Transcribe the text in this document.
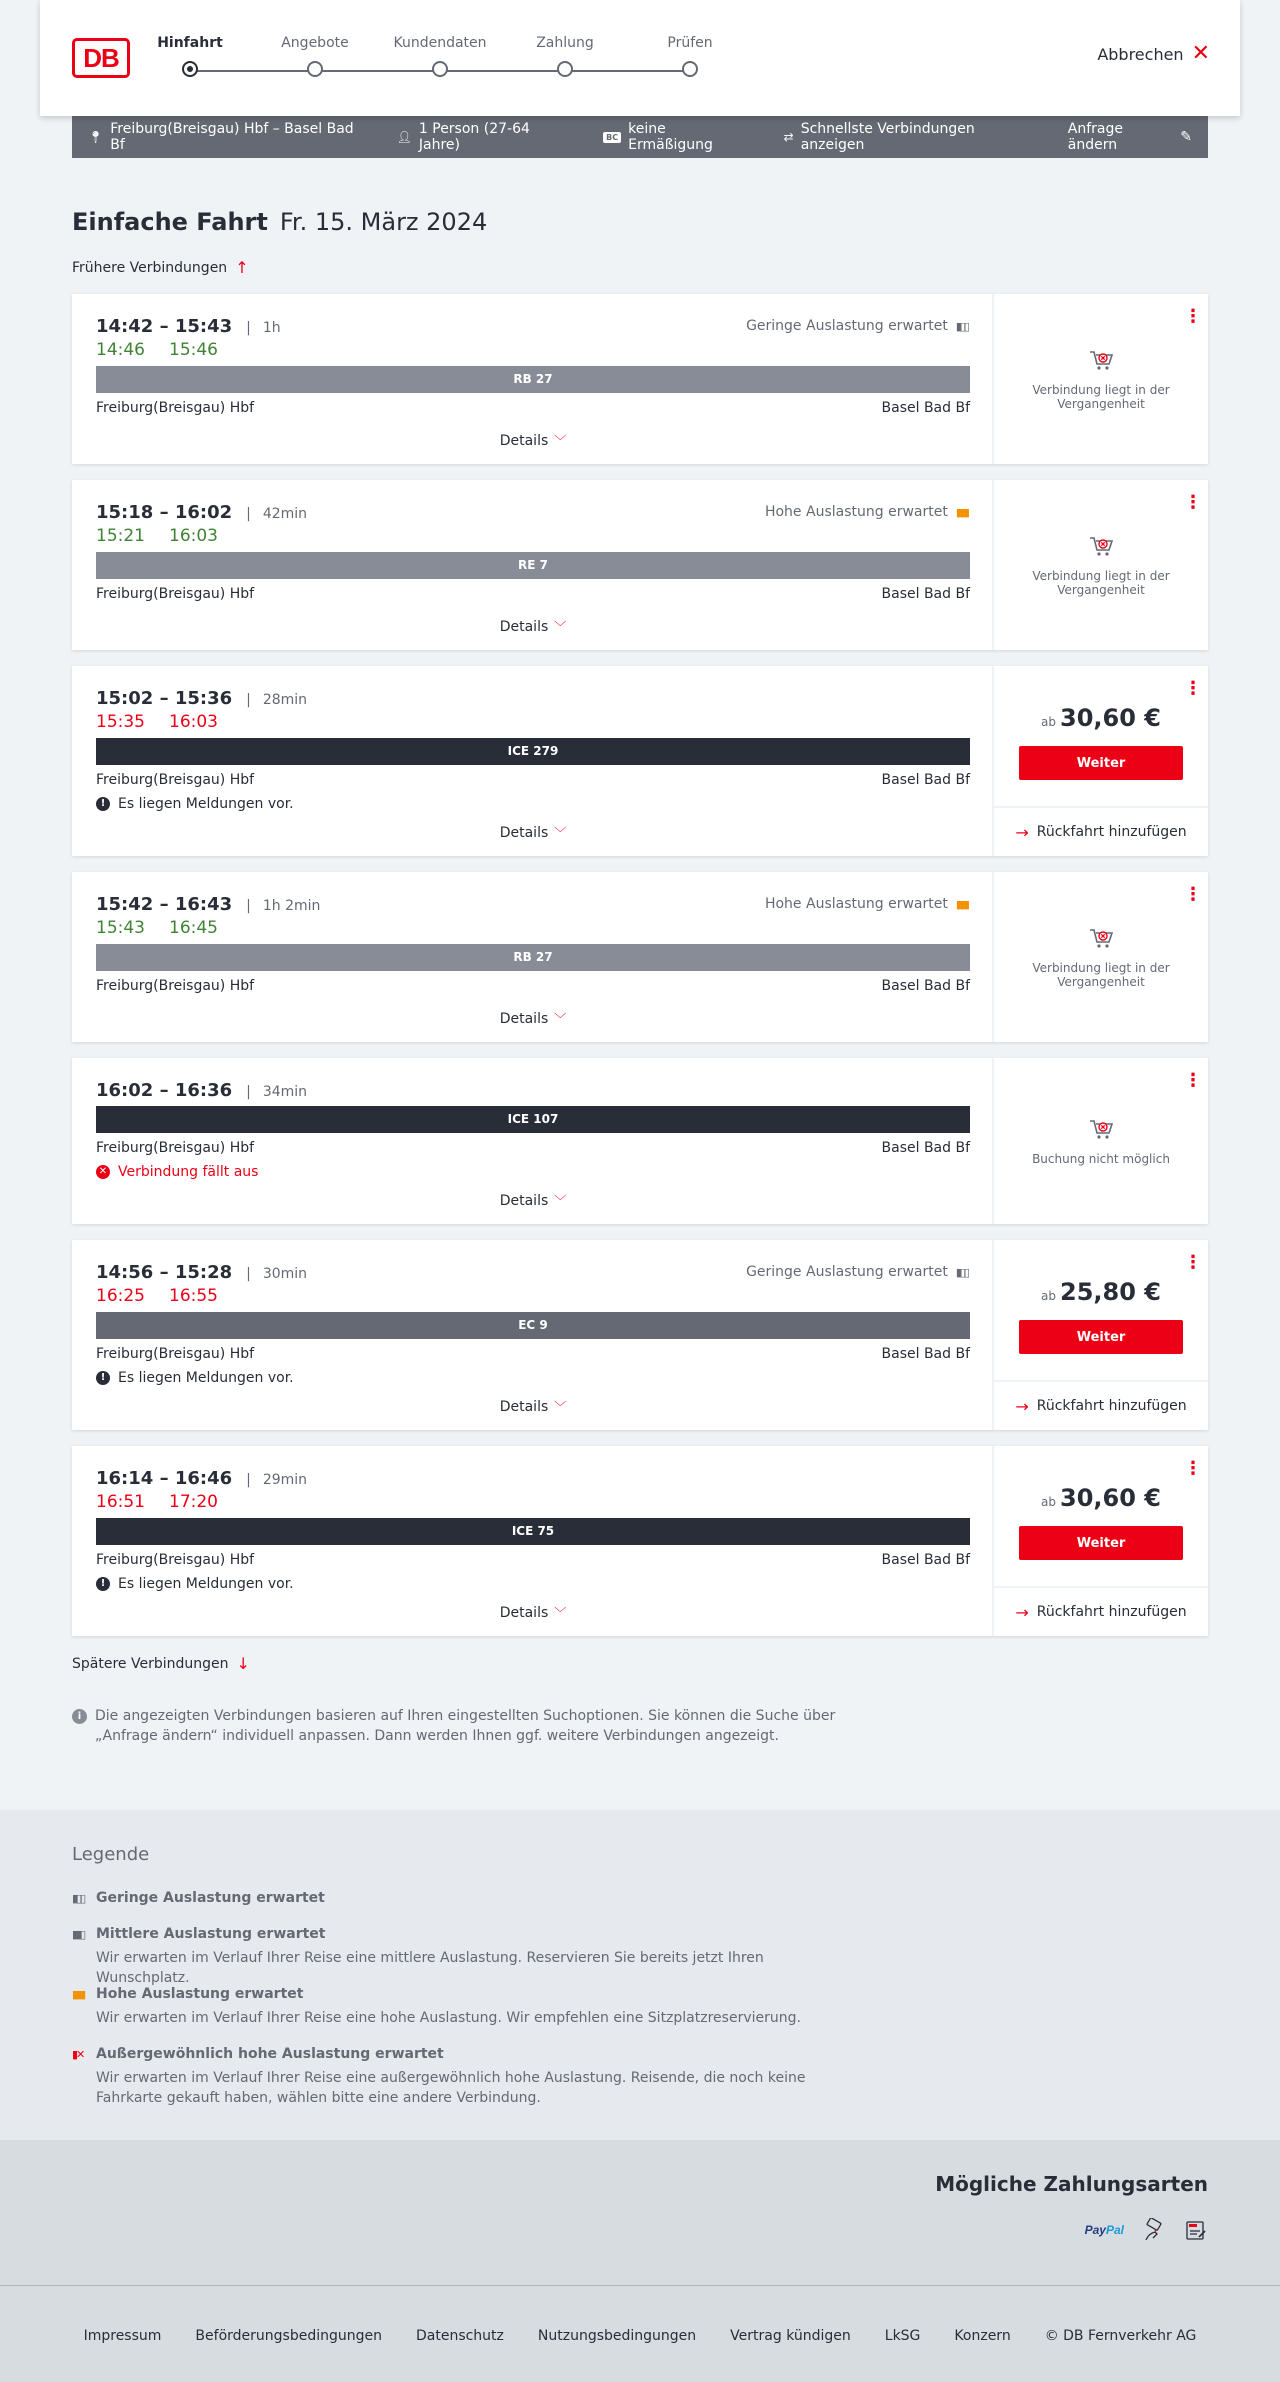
DB	Hinfahrt	Angebote	Kundendaten	Zahlung	Prüfen
Abbrechen ✕
📍︎ Freiburg(Breisgau) Hbf – Basel Bad Bf	👤︎ 1 Person (27-64 Jahre)	BC keine Ermäßigung	⇄ Schnellste Verbindungen anzeigen
Anfrage ändern	✎
Einfache Fahrt Fr. 15. März 2024
Frühere Verbindungen ↑
14:42 – 15:43 | 1h
14:46 15:46
Geringe Auslastung erwartet ▮▯▯
RB 27
Freiburg(Breisgau) Hbf	Basel Bad Bf
Details ﹀
⋮
Verbindung liegt in der Vergangenheit
15:18 – 16:02 | 42min
15:21 16:03
Hohe Auslastung erwartet ▮▮▮
RE 7
Freiburg(Breisgau) Hbf	Basel Bad Bf
Details ﹀
⋮
Verbindung liegt in der Vergangenheit
15:02 – 15:36 | 28min
15:35 16:03
ICE 279
Freiburg(Breisgau) Hbf	Basel Bad Bf
! Es liegen Meldungen vor.
Details ﹀
⋮
ab 30,60 €
Weiter
→ Rückfahrt hinzufügen
15:42 – 16:43 | 1h 2min
15:43 16:45
Hohe Auslastung erwartet ▮▮▮
RB 27
Freiburg(Breisgau) Hbf	Basel Bad Bf
Details ﹀
⋮
Verbindung liegt in der Vergangenheit
16:02 – 16:36 | 34min
ICE 107
Freiburg(Breisgau) Hbf	Basel Bad Bf
✕ Verbindung fällt aus
Details ﹀
⋮
Buchung nicht möglich
14:56 – 15:28 | 30min
16:25 16:55
Geringe Auslastung erwartet ▮▯▯
EC 9
Freiburg(Breisgau) Hbf	Basel Bad Bf
! Es liegen Meldungen vor.
Details ﹀
⋮
ab 25,80 €
Weiter
→ Rückfahrt hinzufügen
16:14 – 16:46 | 29min
16:51 17:20
ICE 75
Freiburg(Breisgau) Hbf	Basel Bad Bf
! Es liegen Meldungen vor.
Details ﹀
⋮
ab 30,60 €
Weiter
→ Rückfahrt hinzufügen
Spätere Verbindungen ↓
i Die angezeigten Verbindungen basieren auf Ihren eingestellten Suchoptionen. Sie können die Suche über „Anfrage ändern“ individuell anpassen. Dann werden Ihnen ggf. weitere Verbindungen angezeigt.
Legende
▮▯▯ Geringe Auslastung erwartet
▮▮▯ Mittlere Auslastung erwartet
Wir erwarten im Verlauf Ihrer Reise eine mittlere Auslastung. Reservieren Sie bereits jetzt Ihren Wunschplatz.
▮▮▮ Hohe Auslastung erwartet
Wir erwarten im Verlauf Ihrer Reise eine hohe Auslastung. Wir empfehlen eine Sitzplatzreservierung.
▮✕ Außergewöhnlich hohe Auslastung erwartet
Wir erwarten im Verlauf Ihrer Reise eine außergewöhnlich hohe Auslastung. Reisende, die noch keine Fahrkarte gekauft haben, wählen bitte eine andere Verbindung.
Mögliche Zahlungsarten
PayPal
Impressum Beförderungsbedingungen Datenschutz Nutzungsbedingungen Vertrag kündigen LkSG Konzern © DB Fernverkehr AG
